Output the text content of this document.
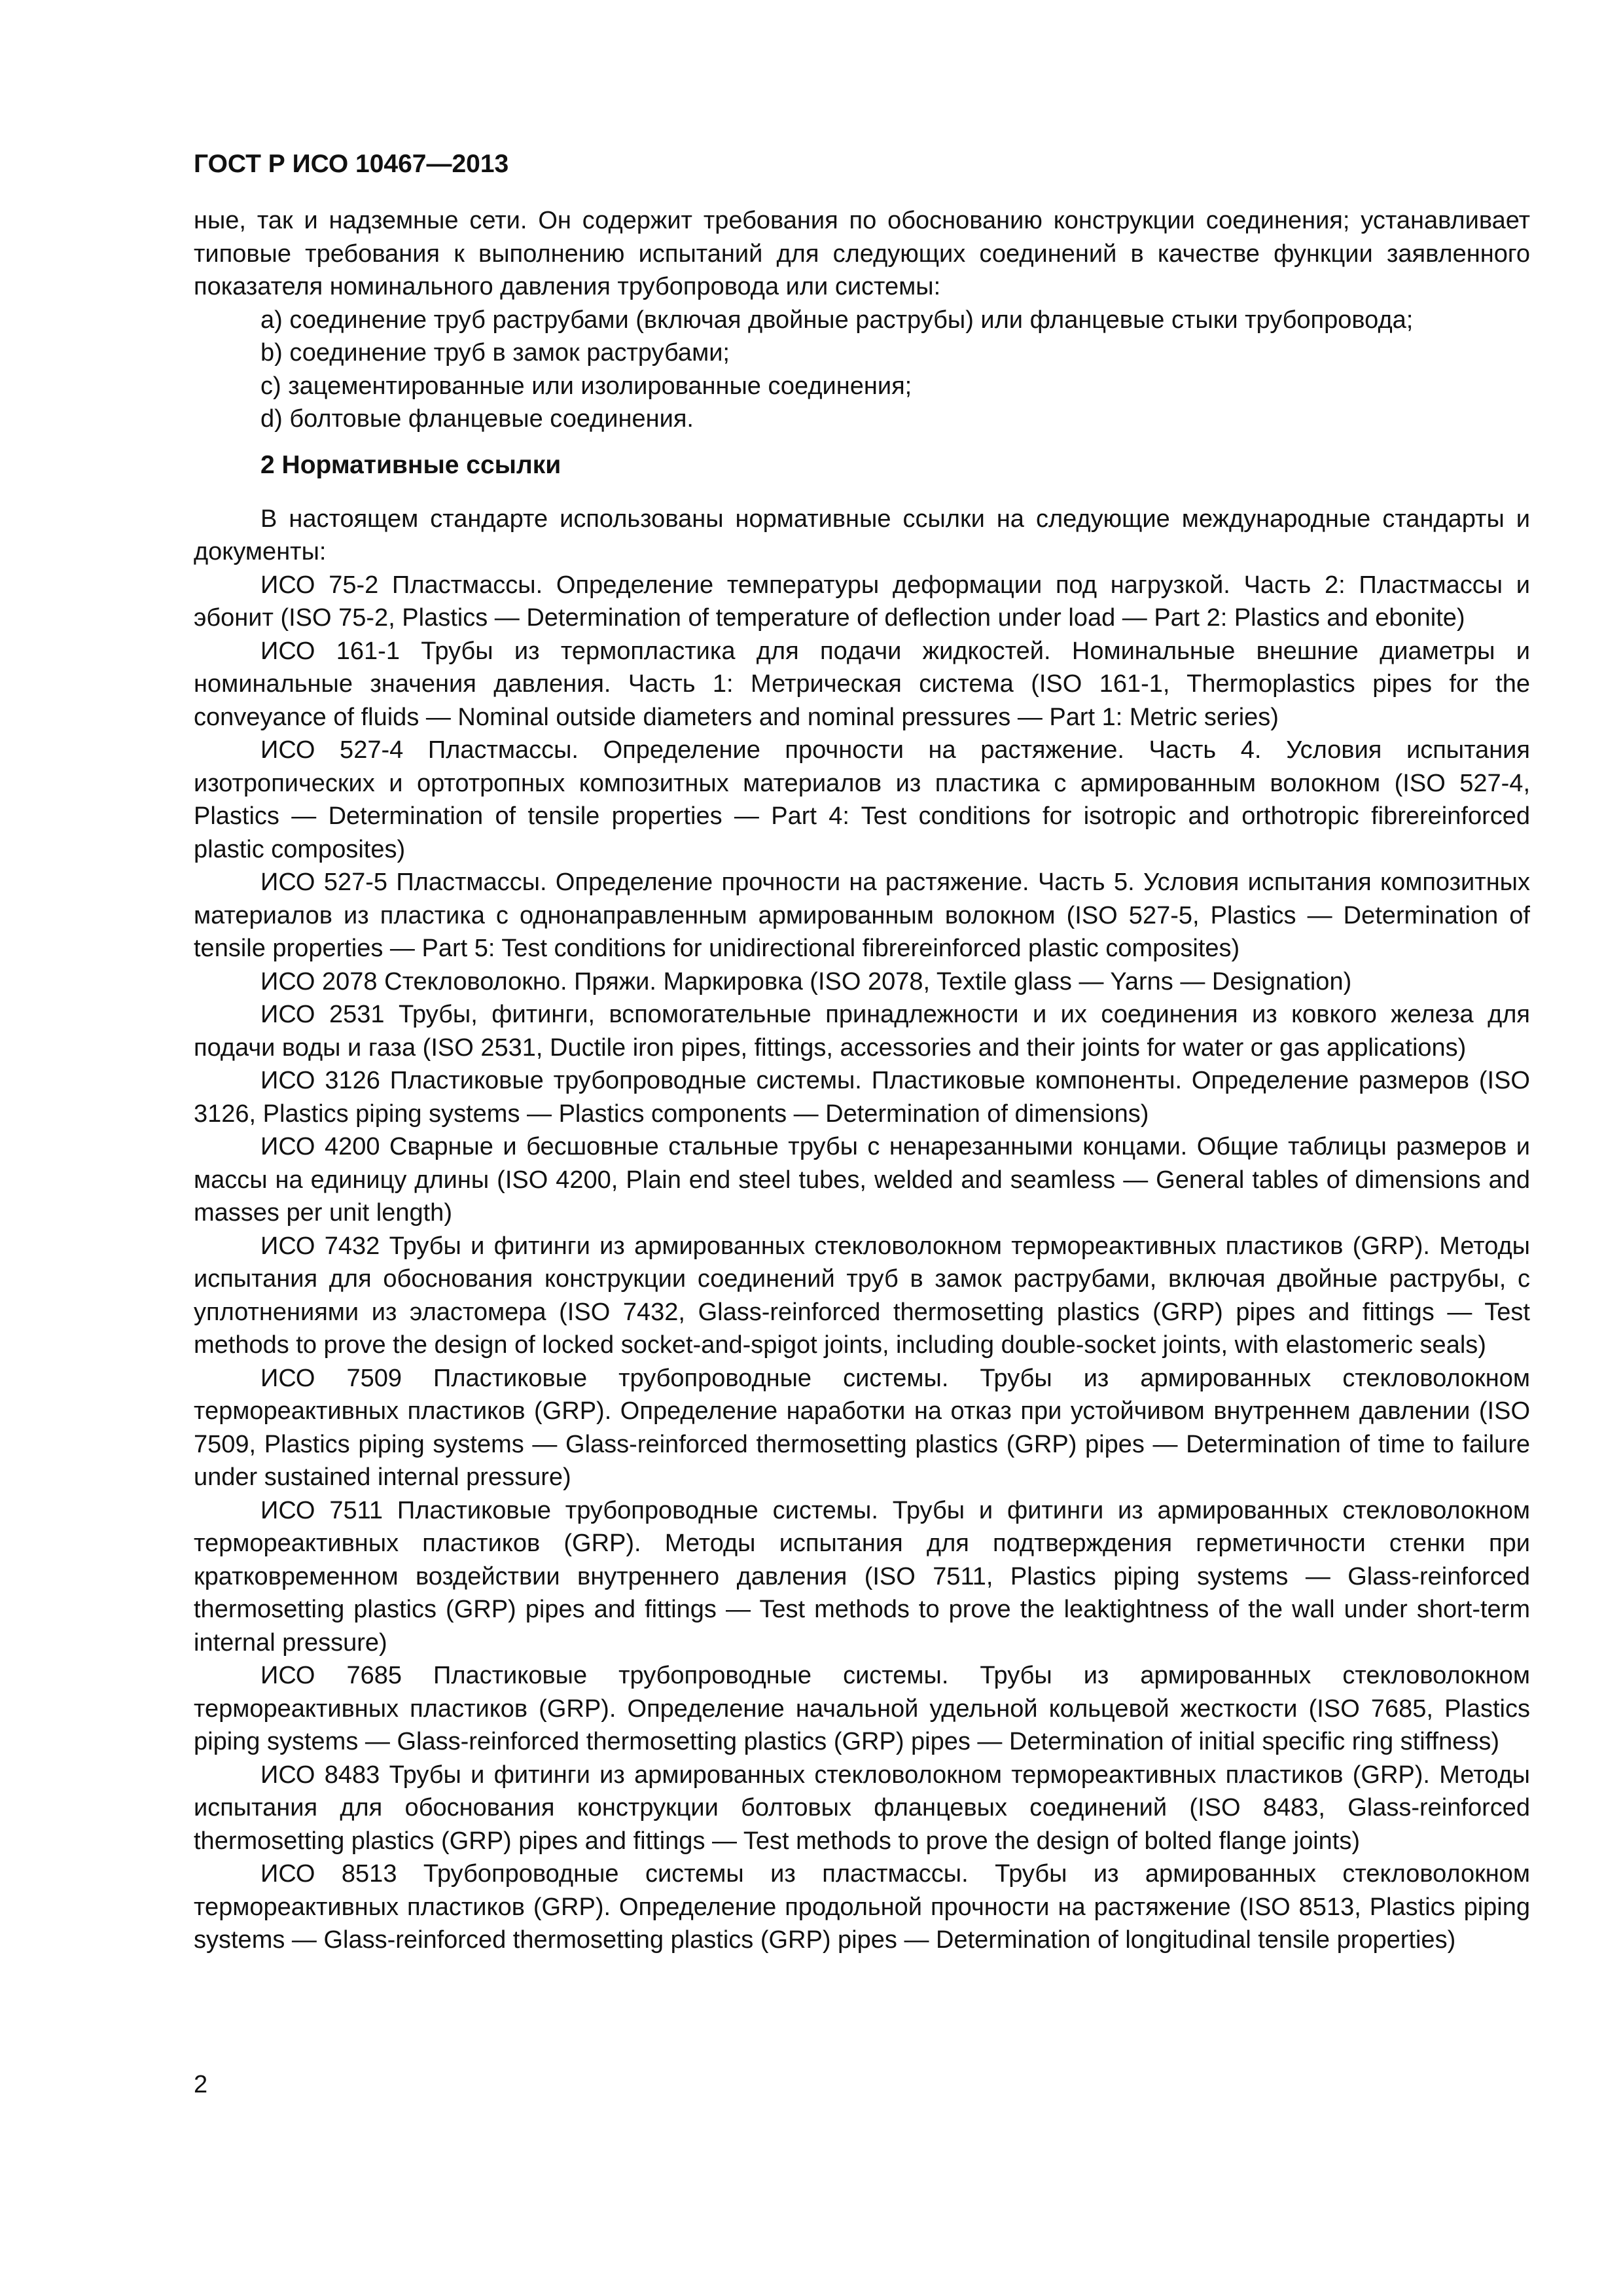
ГОСТ Р ИСО 10467—2013

ные, так и надземные сети. Он содержит требования по обоснованию конструкции соединения; устанавливает типовые требования к выполнению испытаний для следующих соединений в качестве функции заявленного показателя номинального давления трубопровода или системы:

а) соединение труб раструбами (включая двойные раструбы) или фланцевые стыки трубопровода;
b) соединение труб в замок раструбами;
c) зацементированные или изолированные соединения;
d) болтовые фланцевые соединения.
2 Нормативные ссылки

В настоящем стандарте использованы нормативные ссылки на следующие международные стандарты и документы:

ИСО 75-2 Пластмассы. Определение температуры деформации под нагрузкой. Часть 2: Пластмассы и эбонит (ISO 75-2, Plastics — Determination of temperature of deflection under load — Part 2: Plastics and ebonite)

ИСО 161-1 Трубы из термопластика для подачи жидкостей. Номинальные внешние диаметры и номинальные значения давления. Часть 1: Метрическая система (ISO 161-1, Thermoplastics pipes for the conveyance of fluids — Nominal outside diameters and nominal pressures — Part 1: Metric series)

ИСО 527-4 Пластмассы. Определение прочности на растяжение. Часть 4. Условия испытания изотропических и ортотропных композитных материалов из пластика с армированным волокном (ISO 527-4, Plastics — Determination of tensile properties — Part 4: Test conditions for isotropic and orthotropic fibrereinforced plastic composites)

ИСО 527-5 Пластмассы. Определение прочности на растяжение. Часть 5. Условия испытания композитных материалов из пластика с однонаправленным армированным волокном (ISO 527-5, Plastics — Determination of tensile properties — Part 5: Test conditions for unidirectional fibrereinforced plastic composites)

ИСО 2078 Стекловолокно. Пряжи. Маркировка (ISO 2078, Textile glass — Yarns — Designation)

ИСО 2531 Трубы, фитинги, вспомогательные принадлежности и их соединения из ковкого железа для подачи воды и газа (ISO 2531, Ductile iron pipes, fittings, accessories and their joints for water or gas applications)

ИСО 3126 Пластиковые трубопроводные системы. Пластиковые компоненты. Определение размеров (ISO 3126, Plastics piping systems — Plastics components — Determination of dimensions)

ИСО 4200 Сварные и бесшовные стальные трубы с ненарезанными концами. Общие таблицы размеров и массы на единицу длины (ISO 4200, Plain end steel tubes, welded and seamless — General tables of dimensions and masses per unit length)

ИСО 7432 Трубы и фитинги из армированных стекловолокном термореактивных пластиков (GRP). Методы испытания для обоснования конструкции соединений труб в замок раструбами, включая двойные раструбы, с уплотнениями из эластомера (ISO 7432, Glass-reinforced thermosetting plastics (GRP) pipes and fittings — Test methods to prove the design of locked socket-and-spigot joints, including double-socket joints, with elastomeric seals)

ИСО 7509 Пластиковые трубопроводные системы. Трубы из армированных стекловолокном термореактивных пластиков (GRP). Определение наработки на отказ при устойчивом внутреннем давлении (ISO 7509, Plastics piping systems — Glass-reinforced thermosetting plastics (GRP) pipes — Determination of time to failure under sustained internal pressure)

ИСО 7511 Пластиковые трубопроводные системы. Трубы и фитинги из армированных стекловолокном термореактивных пластиков (GRP). Методы испытания для подтверждения герметичности стенки при кратковременном воздействии внутреннего давления (ISO 7511, Plastics piping systems — Glass-reinforced thermosetting plastics (GRP) pipes and fittings — Test methods to prove the leaktightness of the wall under short-term internal pressure)

ИСО 7685 Пластиковые трубопроводные системы. Трубы из армированных стекловолокном термореактивных пластиков (GRP). Определение начальной удельной кольцевой жесткости (ISO 7685, Plastics piping systems — Glass-reinforced thermosetting plastics (GRP) pipes — Determination of initial specific ring stiffness)

ИСО 8483 Трубы и фитинги из армированных стекловолокном термореактивных пластиков (GRP). Методы испытания для обоснования конструкции болтовых фланцевых соединений (ISO 8483, Glass-reinforced thermosetting plastics (GRP) pipes and fittings — Test methods to prove the design of bolted flange joints)

ИСО 8513 Трубопроводные системы из пластмассы. Трубы из армированных стекловолокном термореактивных пластиков (GRP). Определение продольной прочности на растяжение (ISO 8513, Plastics piping systems — Glass-reinforced thermosetting plastics (GRP) pipes — Determination of longitudinal tensile properties)

2
